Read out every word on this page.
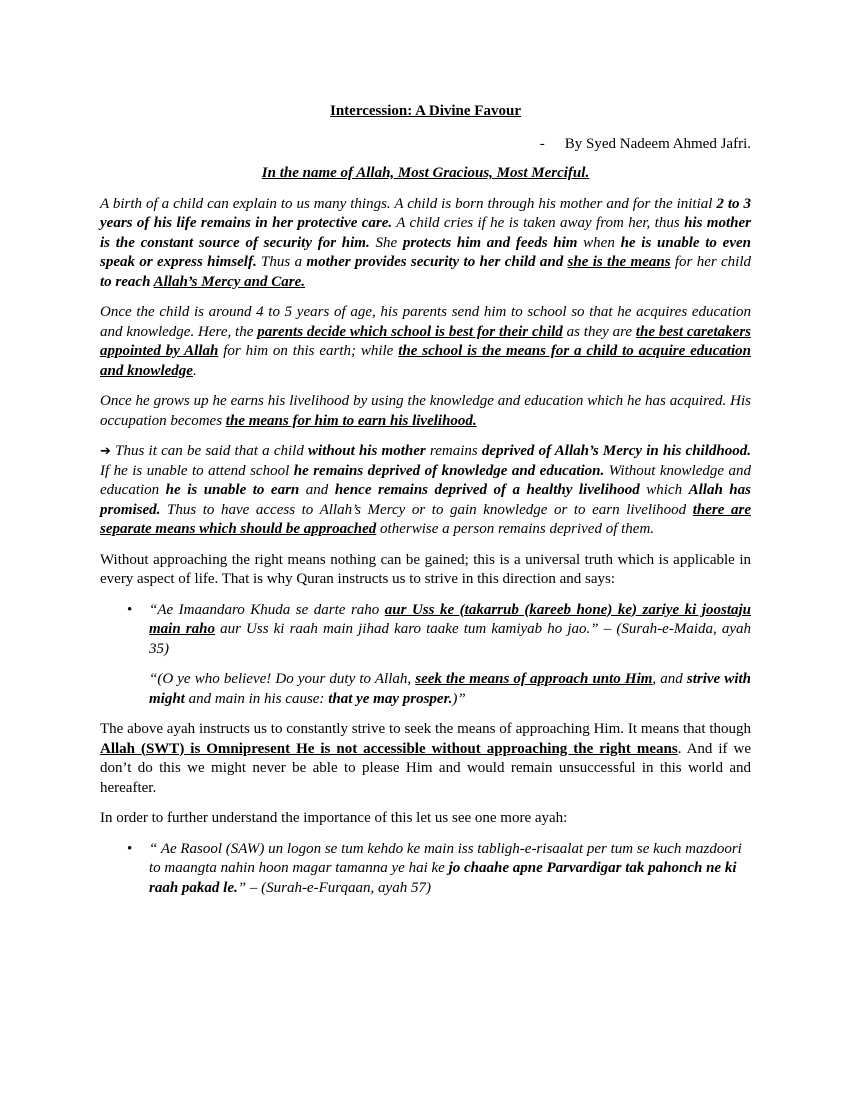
Intercession: A Divine Favour

- By Syed Nadeem Ahmed Jafri.

In the name of Allah, Most Gracious, Most Merciful.

A birth of a child can explain to us many things. A child is born through his mother and for the initial 2 to 3 years of his life remains in her protective care. A child cries if he is taken away from her, thus his mother is the constant source of security for him. She protects him and feeds him when he is unable to even speak or express himself. Thus a mother provides security to her child and she is the means for her child to reach Allah’s Mercy and Care.

Once the child is around 4 to 5 years of age, his parents send him to school so that he acquires education and knowledge. Here, the parents decide which school is best for their child as they are the best caretakers appointed by Allah for him on this earth; while the school is the means for a child to acquire education and knowledge.

Once he grows up he earns his livelihood by using the knowledge and education which he has acquired. His occupation becomes the means for him to earn his livelihood.

➔ Thus it can be said that a child without his mother remains deprived of Allah’s Mercy in his childhood. If he is unable to attend school he remains deprived of knowledge and education. Without knowledge and education he is unable to earn and hence remains deprived of a healthy livelihood which Allah has promised. Thus to have access to Allah’s Mercy or to gain knowledge or to earn livelihood there are separate means which should be approached otherwise a person remains deprived of them.

Without approaching the right means nothing can be gained; this is a universal truth which is applicable in every aspect of life. That is why Quran instructs us to strive in this direction and says:

• “Ae Imaandaro Khuda se darte raho aur Uss ke (takarrub (kareeb hone) ke) zariye ki joostaju main raho aur Uss ki raah main jihad karo taake tum kamiyab ho jao.” – (Surah-e-Maida, ayah 35)

“(O ye who believe! Do your duty to Allah, seek the means of approach unto Him, and strive with might and main in his cause: that ye may prosper.)”

The above ayah instructs us to constantly strive to seek the means of approaching Him. It means that though Allah (SWT) is Omnipresent He is not accessible without approaching the right means. And if we don’t do this we might never be able to please Him and would remain unsuccessful in this world and hereafter.

In order to further understand the importance of this let us see one more ayah:

• “ Ae Rasool (SAW) un logon se tum kehdo ke main iss tabligh-e-risaalat per tum se kuch mazdoori to maangta nahin hoon magar tamanna ye hai ke jo chaahe apne Parvardigar tak pahonch ne ki raah pakad le.” – (Surah-e-Furqaan, ayah 57)
